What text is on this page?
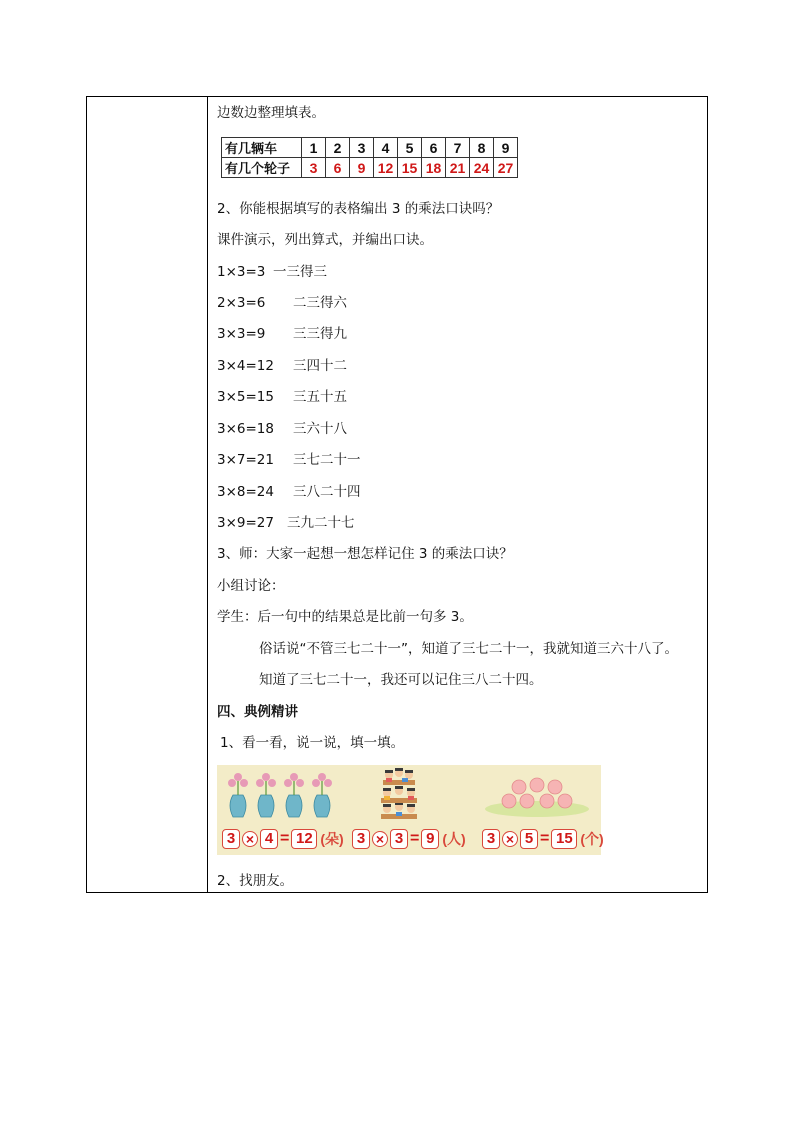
边数边整理填表。
有几辆车	1	2	3	4	5	6	7	8	9
有几个轮子	3	6	9	12	15	18	21	24	27
2、你能根据填写的表格编出 3 的乘法口诀吗？
课件演示，列出算式，并编出口诀。
1×3=3 一三得三
2×3=6 二三得六
3×3=9 三三得九
3×4=12 三四十二
3×5=15 三五十五
3×6=18 三六十八
3×7=21 三七二十一
3×8=24 三八二十四
3×9=27 三九二十七
3、师：大家一起想一想怎样记住 3 的乘法口诀？
小组讨论：
学生：后一句中的结果总是比前一句多 3。
俗话说“不管三七二十一”，知道了三七二十一，我就知道三六十八了。
知道了三七二十一，我还可以记住三八二十四。
四、典例精讲
1、看一看，说一说，填一填。
3 × 4 = 12 (朵) 3 × 3 = 9 (人)	3 × 5 = 15 (个)
2、找朋友。
